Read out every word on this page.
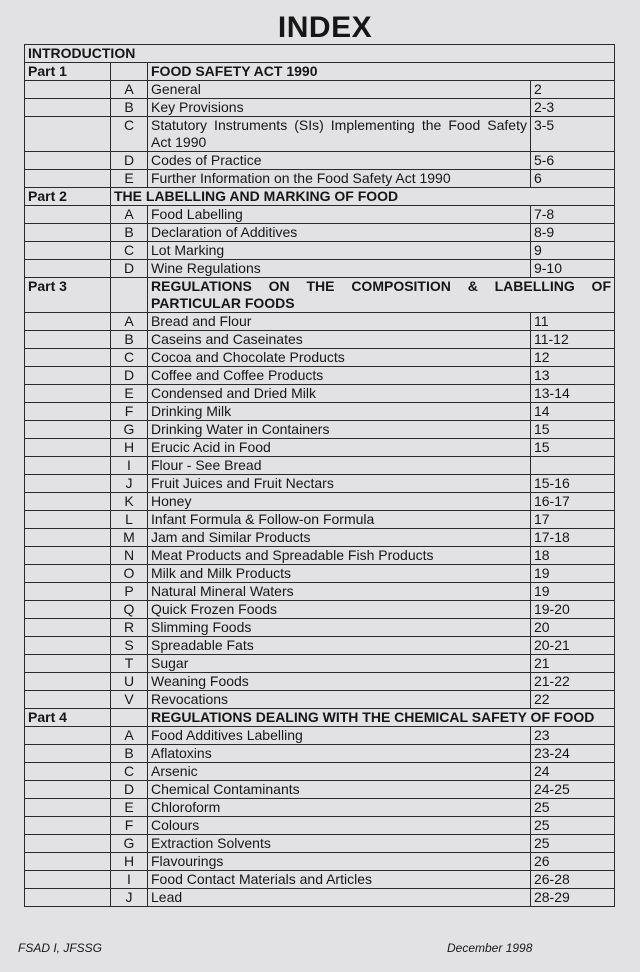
INDEX
INTRODUCTION			
Part 1		FOOD SAFETY ACT 1990	
	A	General	2
	B	Key Provisions	2-3
	C	Statutory Instruments (SIs) Implementing the Food Safety Act 1990	3-5
	D	Codes of Practice	5-6
	E	Further Information on the Food Safety Act 1990	6
Part 2	THE LABELLING AND MARKING OF FOOD		
	A	Food Labelling	7-8
	B	Declaration of Additives	8-9
	C	Lot Marking	9
	D	Wine Regulations	9-10
Part 3		REGULATIONS ON THE COMPOSITION & LABELLING OF PARTICULAR FOODS	
	A	Bread and Flour	11
	B	Caseins and Caseinates	11-12
	C	Cocoa and Chocolate Products	12
	D	Coffee and Coffee Products	13
	E	Condensed and Dried Milk	13-14
	F	Drinking Milk	14
	G	Drinking Water in Containers	15
	H	Erucic Acid in Food	15
	I	Flour - See Bread	
	J	Fruit Juices and Fruit Nectars	15-16
	K	Honey	16-17
	L	Infant Formula & Follow-on Formula	17
	M	Jam and Similar Products	17-18
	N	Meat Products and Spreadable Fish Products	18
	O	Milk and Milk Products	19
	P	Natural Mineral Waters	19
	Q	Quick Frozen Foods	19-20
	R	Slimming Foods	20
	S	Spreadable Fats	20-21
	T	Sugar	21
	U	Weaning Foods	21-22
	V	Revocations	22
Part 4		REGULATIONS DEALING WITH THE CHEMICAL SAFETY OF FOOD	
	A	Food Additives Labelling	23
	B	Aflatoxins	23-24
	C	Arsenic	24
	D	Chemical Contaminants	24-25
	E	Chloroform	25
	F	Colours	25
	G	Extraction Solvents	25
	H	Flavourings	26
	I	Food Contact Materials and Articles	26-28
	J	Lead	28-29
FSAD I, JFSSG	December 1998
